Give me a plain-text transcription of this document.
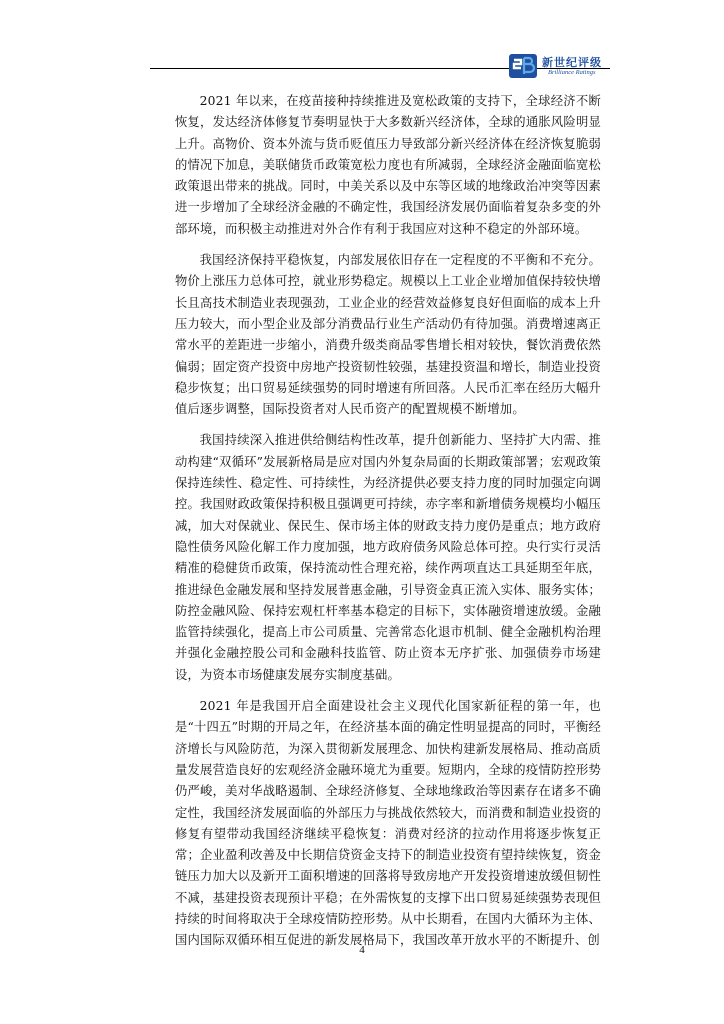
新世纪评级
Brilliance Ratings

2021 年以来，在疫苗接种持续推进及宽松政策的支持下，全球经济不断恢复，发达经济体修复节奏明显快于大多数新兴经济体，全球的通胀风险明显上升。高物价、资本外流与货币贬值压力导致部分新兴经济体在经济恢复脆弱的情况下加息，美联储货币政策宽松力度也有所减弱，全球经济金融面临宽松政策退出带来的挑战。同时，中美关系以及中东等区域的地缘政治冲突等因素进一步增加了全球经济金融的不确定性，我国经济发展仍面临着复杂多变的外部环境，而积极主动推进对外合作有利于我国应对这种不稳定的外部环境。

我国经济保持平稳恢复，内部发展依旧存在一定程度的不平衡和不充分。物价上涨压力总体可控，就业形势稳定。规模以上工业企业增加值保持较快增长且高技术制造业表现强劲，工业企业的经营效益修复良好但面临的成本上升压力较大，而小型企业及部分消费品行业生产活动仍有待加强。消费增速离正常水平的差距进一步缩小，消费升级类商品零售增长相对较快，餐饮消费依然偏弱；固定资产投资中房地产投资韧性较强，基建投资温和增长，制造业投资稳步恢复；出口贸易延续强势的同时增速有所回落。人民币汇率在经历大幅升值后逐步调整，国际投资者对人民币资产的配置规模不断增加。

我国持续深入推进供给侧结构性改革，提升创新能力、坚持扩大内需、推动构建“双循环”发展新格局是应对国内外复杂局面的长期政策部署；宏观政策保持连续性、稳定性、可持续性，为经济提供必要支持力度的同时加强定向调控。我国财政政策保持积极且强调更可持续，赤字率和新增债务规模均小幅压减，加大对保就业、保民生、保市场主体的财政支持力度仍是重点；地方政府隐性债务风险化解工作力度加强，地方政府债务风险总体可控。央行实行灵活精准的稳健货币政策，保持流动性合理充裕，续作两项直达工具延期至年底，推进绿色金融发展和坚持发展普惠金融，引导资金真正流入实体、服务实体；防控金融风险、保持宏观杠杆率基本稳定的目标下，实体融资增速放缓。金融监管持续强化，提高上市公司质量、完善常态化退市机制、健全金融机构治理并强化金融控股公司和金融科技监管、防止资本无序扩张、加强债券市场建设，为资本市场健康发展夯实制度基础。

2021 年是我国开启全面建设社会主义现代化国家新征程的第一年，也是“十四五”时期的开局之年，在经济基本面的确定性明显提高的同时，平衡经济增长与风险防范，为深入贯彻新发展理念、加快构建新发展格局、推动高质量发展营造良好的宏观经济金融环境尤为重要。短期内，全球的疫情防控形势仍严峻，美对华战略遏制、全球经济修复、全球地缘政治等因素存在诸多不确定性，我国经济发展面临的外部压力与挑战依然较大，而消费和制造业投资的修复有望带动我国经济继续平稳恢复：消费对经济的拉动作用将逐步恢复正常；企业盈利改善及中长期信贷资金支持下的制造业投资有望持续恢复，资金链压力加大以及新开工面积增速的回落将导致房地产开发投资增速放缓但韧性不减，基建投资表现预计平稳；在外需恢复的支撑下出口贸易延续强势表现但持续的时间将取决于全球疫情防控形势。从中长期看，在国内大循环为主体、国内国际双循环相互促进的新发展格局下，我国改革开放水平的不断提升、创

4
